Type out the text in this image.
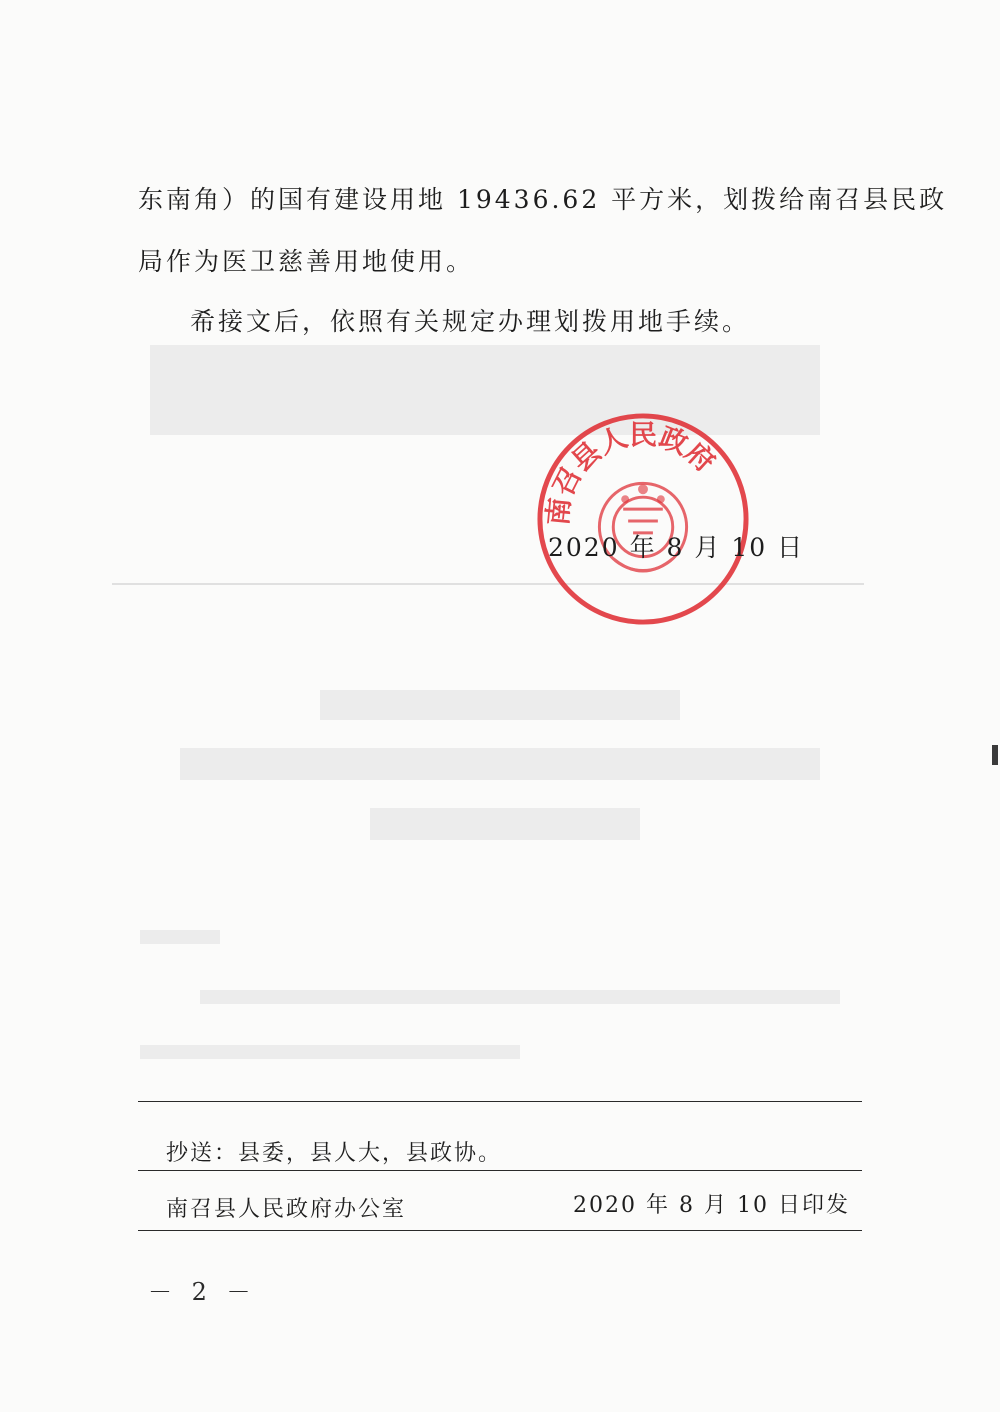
东南角）的国有建设用地 19436.62 平方米，划拨给南召县民政
局作为医卫慈善用地使用。
希接文后，依照有关规定办理划拨用地手续。
南召县人民政府
2020 年 8 月 10 日
抄送：县委，县人大，县政协。
南召县人民政府办公室	2020 年 8 月 10 日印发
－ 2 －
